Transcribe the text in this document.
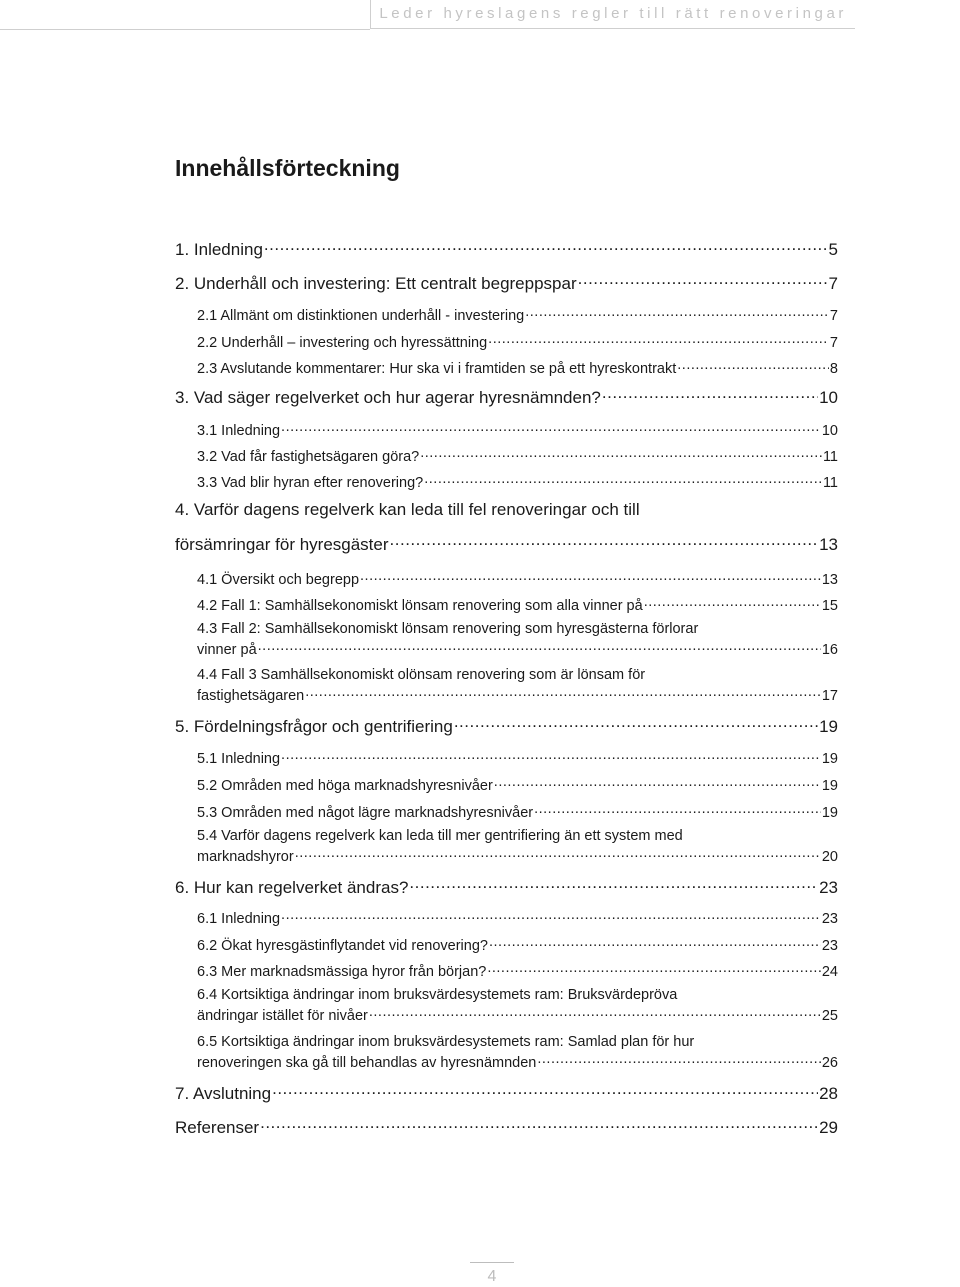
Leder hyreslagens regler till rätt renoveringar
Innehållsförteckning
1. Inledning .....	5
2. Underhåll och investering: Ett centralt begreppspar .....	7
2.1 Allmänt om distinktionen underhåll - investering .....	7
2.2 Underhåll – investering och hyressättning .....	7
2.3 Avslutande kommentarer: Hur ska vi i framtiden se på ett hyreskontrakt .....	8
3. Vad säger regelverket och hur agerar hyresnämnden? .....	10
3.1 Inledning .....	10
3.2 Vad får fastighetsägaren göra? .....	11
3.3 Vad blir hyran efter renovering? .....	11
4. Varför dagens regelverk kan leda till fel renoveringar och till
försämringar för hyresgäster .....	13
4.1 Översikt och begrepp .....	13
4.2 Fall 1: Samhällsekonomiskt lönsam renovering som alla vinner på .....	15
4.3 Fall 2: Samhällsekonomiskt lönsam renovering som hyresgästerna förlorar
vinner på .....	16
4.4 Fall 3 Samhällsekonomiskt olönsam renovering som är lönsam för
fastighetsägaren .....	17
5. Fördelningsfrågor och gentrifiering .....	19
5.1 Inledning .....	19
5.2 Områden med höga marknadshyresnivåer .....	19
5.3 Områden med något lägre marknadshyresnivåer .....	19
5.4 Varför dagens regelverk kan leda till mer gentrifiering än ett system med
marknadshyror .....	20
6. Hur kan regelverket ändras? .....	23
6.1 Inledning .....	23
6.2 Ökat hyresgästinflytandet vid renovering? .....	23
6.3 Mer marknadsmässiga hyror från början? .....	24
6.4 Kortsiktiga ändringar inom bruksvärdesystemets ram: Bruksvärdepröva
ändringar istället för nivåer .....	25
6.5 Kortsiktiga ändringar inom bruksvärdesystemets ram: Samlad plan för hur
renoveringen ska gå till behandlas av hyresnämnden .....	26
7. Avslutning .....	28
Referenser .....	29
4
